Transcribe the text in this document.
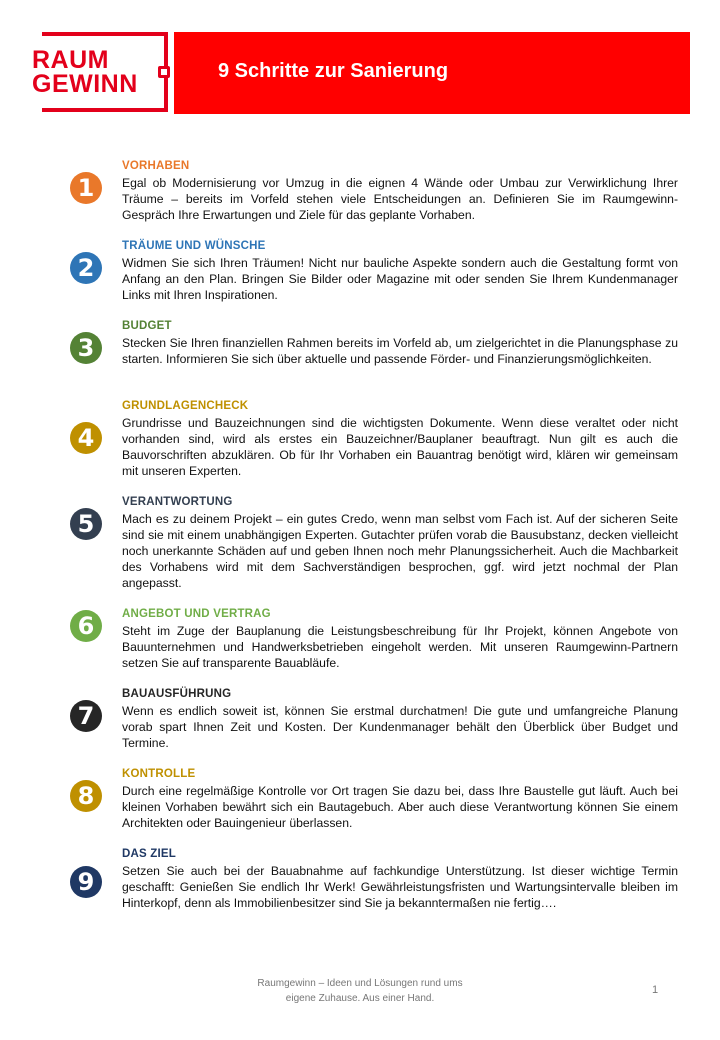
RAUM
GEWINN	9 Schritte zur Sanierung
1
VORHABEN
Egal ob Modernisierung vor Umzug in die eignen 4 Wände oder Umbau zur Verwirklichung Ihrer Träume – bereits im Vorfeld stehen viele Entscheidungen an. Definieren Sie im Raumgewinn-Gespräch Ihre Erwartungen und Ziele für das geplante Vorhaben.
2
TRÄUME UND WÜNSCHE
Widmen Sie sich Ihren Träumen! Nicht nur bauliche Aspekte sondern auch die Gestaltung formt von Anfang an den Plan. Bringen Sie Bilder oder Magazine mit oder senden Sie Ihrem Kundenmanager Links mit Ihren Inspirationen.
3
BUDGET
Stecken Sie Ihren finanziellen Rahmen bereits im Vorfeld ab, um zielgerichtet in die Planungsphase zu starten. Informieren Sie sich über aktuelle und passende Förder- und Finanzierungsmöglichkeiten.
4
GRUNDLAGENCHECK
Grundrisse und Bauzeichnungen sind die wichtigsten Dokumente. Wenn diese veraltet oder nicht vorhanden sind, wird als erstes ein Bauzeichner/Bauplaner beauftragt. Nun gilt es auch die Bauvorschriften abzuklären. Ob für Ihr Vorhaben ein Bauantrag benötigt wird, klären wir gemeinsam mit unseren Experten.
5
VERANTWORTUNG
Mach es zu deinem Projekt – ein gutes Credo, wenn man selbst vom Fach ist. Auf der sicheren Seite sind sie mit einem unabhängigen Experten. Gutachter prüfen vorab die Bausubstanz, decken vielleicht noch unerkannte Schäden auf und geben Ihnen noch mehr Planungssicherheit. Auch die Machbarkeit des Vorhabens wird mit dem Sachverständigen besprochen, ggf. wird jetzt nochmal der Plan angepasst.
6	ANGEBOT UND VERTRAG
Steht im Zuge der Bauplanung die Leistungsbeschreibung für Ihr Projekt, können Angebote von Bauunternehmen und Handwerksbetrieben eingeholt werden. Mit unseren Raumgewinn-Partnern setzen Sie auf transparente Bauabläufe.
7
BAUAUSFÜHRUNG
Wenn es endlich soweit ist, können Sie erstmal durchatmen! Die gute und umfangreiche Planung vorab spart Ihnen Zeit und Kosten. Der Kundenmanager behält den Überblick über Budget und Termine.
8
KONTROLLE
Durch eine regelmäßige Kontrolle vor Ort tragen Sie dazu bei, dass Ihre Baustelle gut läuft. Auch bei kleinen Vorhaben bewährt sich ein Bautagebuch. Aber auch diese Verantwortung können Sie einem Architekten oder Bauingenieur überlassen.
9
DAS ZIEL
Setzen Sie auch bei der Bauabnahme auf fachkundige Unterstützung. Ist dieser wichtige Termin geschafft: Genießen Sie endlich Ihr Werk! Gewährleistungsfristen und Wartungsintervalle bleiben im Hinterkopf, denn als Immobilienbesitzer sind Sie ja bekanntermaßen nie fertig….
Raumgewinn – Ideen und Lösungen rund ums
eigene Zuhause. Aus einer Hand.
1
